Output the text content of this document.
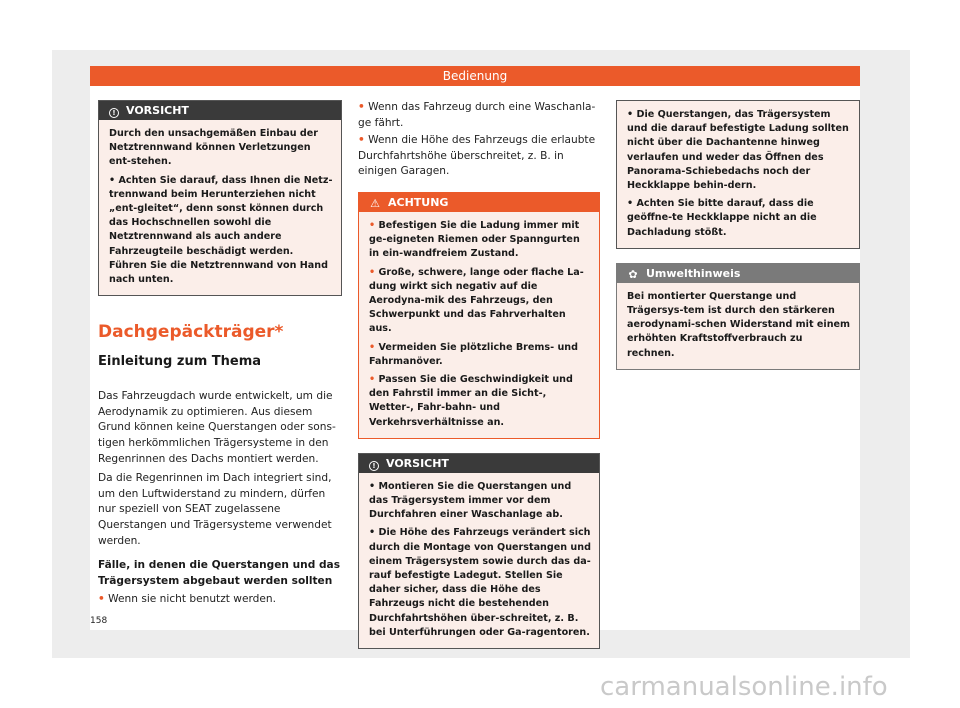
Bedienung
! VORSICHT

Durch den unsachgemäßen Einbau der Netztrennwand können Verletzungen ent-stehen.

• Achten Sie darauf, dass Ihnen die Netz-trennwand beim Herunterziehen nicht „ent-gleitet“, denn sonst können durch das Hochschnellen sowohl die Netztrennwand als auch andere Fahrzeugteile beschädigt werden. Führen Sie die Netztrennwand von Hand nach unten.

Dachgepäckträger*
Einleitung zum Thema

Das Fahrzeugdach wurde entwickelt, um die Aerodynamik zu optimieren. Aus diesem Grund können keine Querstangen oder sons-tigen herkömmlichen Trägersysteme in den Regenrinnen des Dachs montiert werden.

Da die Regenrinnen im Dach integriert sind, um den Luftwiderstand zu mindern, dürfen nur speziell von SEAT zugelassene Querstangen und Trägersysteme verwendet werden.

Fälle, in denen die Querstangen und das Trägersystem abgebaut werden sollten

• Wenn sie nicht benutzt werden.

• Wenn das Fahrzeug durch eine Waschanla-ge fährt.

• Wenn die Höhe des Fahrzeugs die erlaubte Durchfahrtshöhe überschreitet, z. B. in einigen Garagen.

⚠ ACHTUNG

• Befestigen Sie die Ladung immer mit ge-eigneten Riemen oder Spanngurten in ein-wandfreiem Zustand.

• Große, schwere, lange oder flache La-dung wirkt sich negativ auf die Aerodyna-mik des Fahrzeugs, den Schwerpunkt und das Fahrverhalten aus.

• Vermeiden Sie plötzliche Brems- und Fahrmanöver.

• Passen Sie die Geschwindigkeit und den Fahrstil immer an die Sicht-, Wetter-, Fahr-bahn- und Verkehrsverhältnisse an.

! VORSICHT

• Montieren Sie die Querstangen und das Trägersystem immer vor dem Durchfahren einer Waschanlage ab.

• Die Höhe des Fahrzeugs verändert sich durch die Montage von Querstangen und einem Trägersystem sowie durch das da-rauf befestigte Ladegut. Stellen Sie daher sicher, dass die Höhe des Fahrzeugs nicht die bestehenden Durchfahrtshöhen über-schreitet, z. B. bei Unterführungen oder Ga-ragentoren.

• Die Querstangen, das Trägersystem und die darauf befestigte Ladung sollten nicht über die Dachantenne hinweg verlaufen und weder das Öffnen des Panorama-Schiebedachs noch der Heckklappe behin-dern.

• Achten Sie bitte darauf, dass die geöffne-te Heckklappe nicht an die Dachladung stößt.

✿ Umwelthinweis

Bei montierter Querstange und Trägersys-tem ist durch den stärkeren aerodynami-schen Widerstand mit einem erhöhten Kraftstoffverbrauch zu rechnen.

158
carmanualsonline.info
